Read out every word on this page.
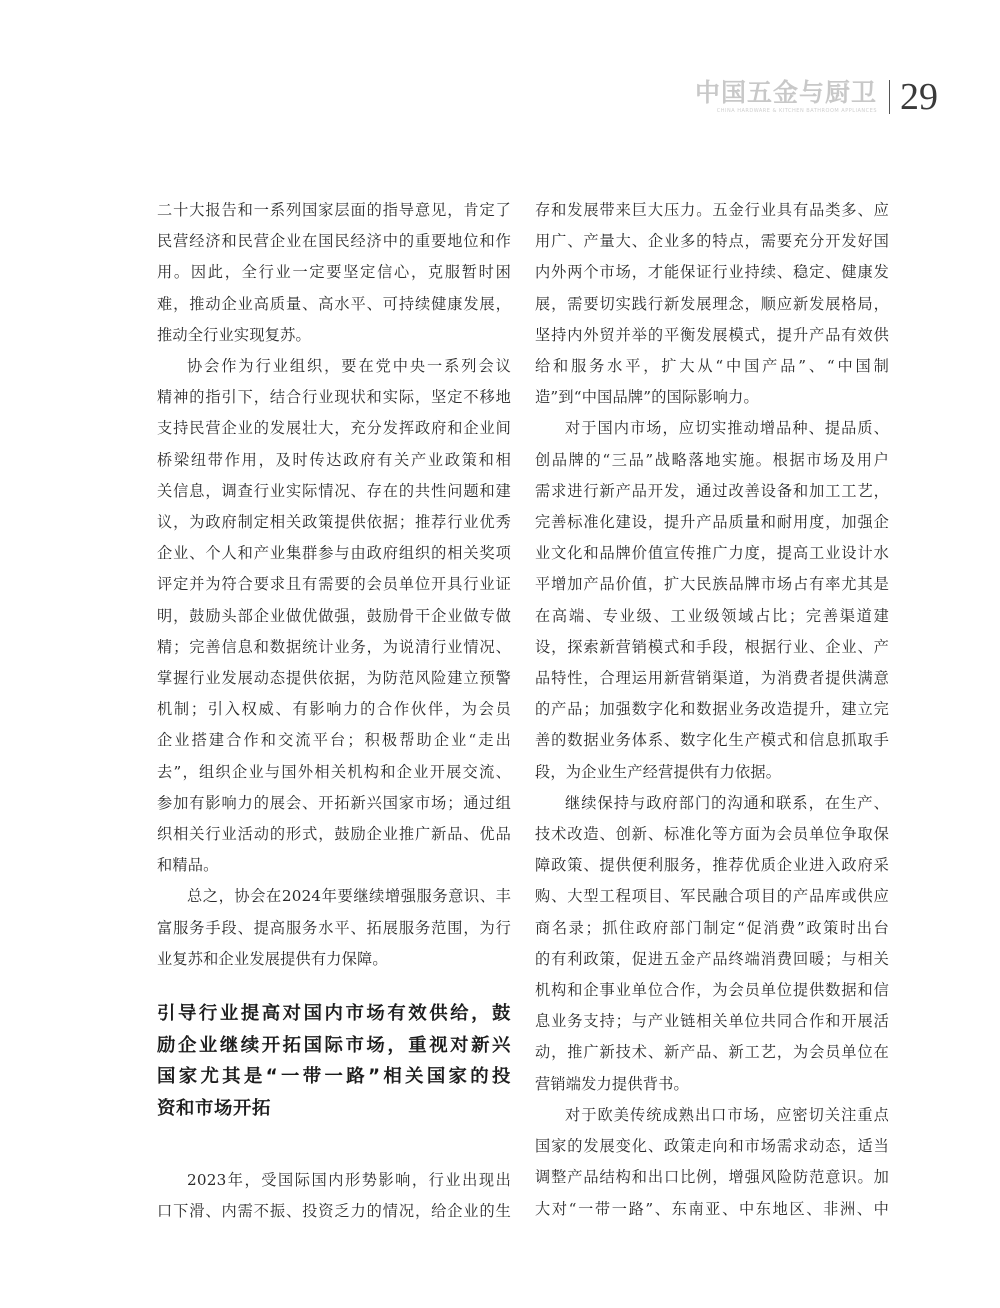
中国五金与厨卫
CHINA HARDWARE & KITCHEN BATHROOM APPLIANCES 29

二十大报告和一系列国家层面的指导意见，肯定了

民营经济和民营企业在国民经济中的重要地位和作

用。因此，全行业一定要坚定信心，克服暂时困

难，推动企业高质量、高水平、可持续健康发展，

推动全行业实现复苏。

协会作为行业组织，要在党中央一系列会议

精神的指引下，结合行业现状和实际，坚定不移地

支持民营企业的发展壮大，充分发挥政府和企业间

桥梁纽带作用，及时传达政府有关产业政策和相

关信息，调查行业实际情况、存在的共性问题和建

议，为政府制定相关政策提供依据；推荐行业优秀

企业、个人和产业集群参与由政府组织的相关奖项

评定并为符合要求且有需要的会员单位开具行业证

明，鼓励头部企业做优做强，鼓励骨干企业做专做

精；完善信息和数据统计业务，为说清行业情况、

掌握行业发展动态提供依据，为防范风险建立预警

机制；引入权威、有影响力的合作伙伴，为会员

企业搭建合作和交流平台；积极帮助企业“走出

去”，组织企业与国外相关机构和企业开展交流、

参加有影响力的展会、开拓新兴国家市场；通过组

织相关行业活动的形式，鼓励企业推广新品、优品

和精品。

总之，协会在2024年要继续增强服务意识、丰

富服务手段、提高服务水平、拓展服务范围，为行

业复苏和企业发展提供有力保障。

引导行业提高对国内市场有效供给，鼓

励企业继续开拓国际市场，重视对新兴

国家尤其是“一带一路”相关国家的投

资和市场开拓

2023年，受国际国内形势影响，行业出现出

口下滑、内需不振、投资乏力的情况，给企业的生

存和发展带来巨大压力。五金行业具有品类多、应

用广、产量大、企业多的特点，需要充分开发好国

内外两个市场，才能保证行业持续、稳定、健康发

展，需要切实践行新发展理念，顺应新发展格局，

坚持内外贸并举的平衡发展模式，提升产品有效供

给和服务水平，扩大从“中国产品”、“中国制

造”到“中国品牌”的国际影响力。

对于国内市场，应切实推动增品种、提品质、

创品牌的“三品”战略落地实施。根据市场及用户

需求进行新产品开发，通过改善设备和加工工艺，

完善标准化建设，提升产品质量和耐用度，加强企

业文化和品牌价值宣传推广力度，提高工业设计水

平增加产品价值，扩大民族品牌市场占有率尤其是

在高端、专业级、工业级领域占比；完善渠道建

设，探索新营销模式和手段，根据行业、企业、产

品特性，合理运用新营销渠道，为消费者提供满意

的产品；加强数字化和数据业务改造提升，建立完

善的数据业务体系、数字化生产模式和信息抓取手

段，为企业生产经营提供有力依据。

继续保持与政府部门的沟通和联系，在生产、

技术改造、创新、标准化等方面为会员单位争取保

障政策、提供便利服务，推荐优质企业进入政府采

购、大型工程项目、军民融合项目的产品库或供应

商名录；抓住政府部门制定“促消费”政策时出台

的有利政策，促进五金产品终端消费回暖；与相关

机构和企事业单位合作，为会员单位提供数据和信

息业务支持；与产业链相关单位共同合作和开展活

动，推广新技术、新产品、新工艺，为会员单位在

营销端发力提供背书。

对于欧美传统成熟出口市场，应密切关注重点

国家的发展变化、政策走向和市场需求动态，适当

调整产品结构和出口比例，增强风险防范意识。加

大对“一带一路”、东南亚、中东地区、非洲、中
